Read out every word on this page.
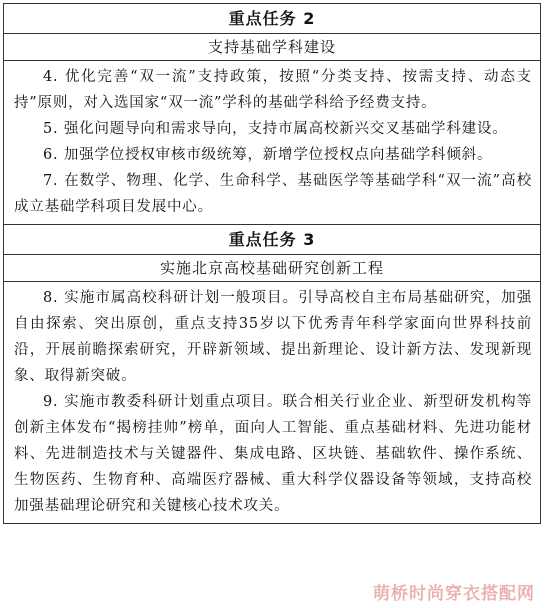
重点任务 2
支持基础学科建设

4. 优化完善“双一流”支持政策，按照“分类支持、按需支持、动态支持”原则，对入选国家“双一流”学科的基础学科给予经费支持。

5. 强化问题导向和需求导向，支持市属高校新兴交叉基础学科建设。

6. 加强学位授权审核市级统筹，新增学位授权点向基础学科倾斜。

7. 在数学、物理、化学、生命科学、基础医学等基础学科“双一流”高校成立基础学科项目发展中心。

重点任务 3
实施北京高校基础研究创新工程

8. 实施市属高校科研计划一般项目。引导高校自主布局基础研究，加强自由探索、突出原创，重点支持35岁以下优秀青年科学家面向世界科技前沿，开展前瞻探索研究，开辟新领域、提出新理论、设计新方法、发现新现象、取得新突破。

9. 实施市教委科研计划重点项目。联合相关行业企业、新型研发机构等创新主体发布“揭榜挂帅”榜单，面向人工智能、重点基础材料、先进功能材料、先进制造技术与关键器件、集成电路、区块链、基础软件、操作系统、生物医药、生物育种、高端医疗器械、重大科学仪器设备等领域，支持高校加强基础理论研究和关键核心技术攻关。

萌桥时尚穿衣搭配网
